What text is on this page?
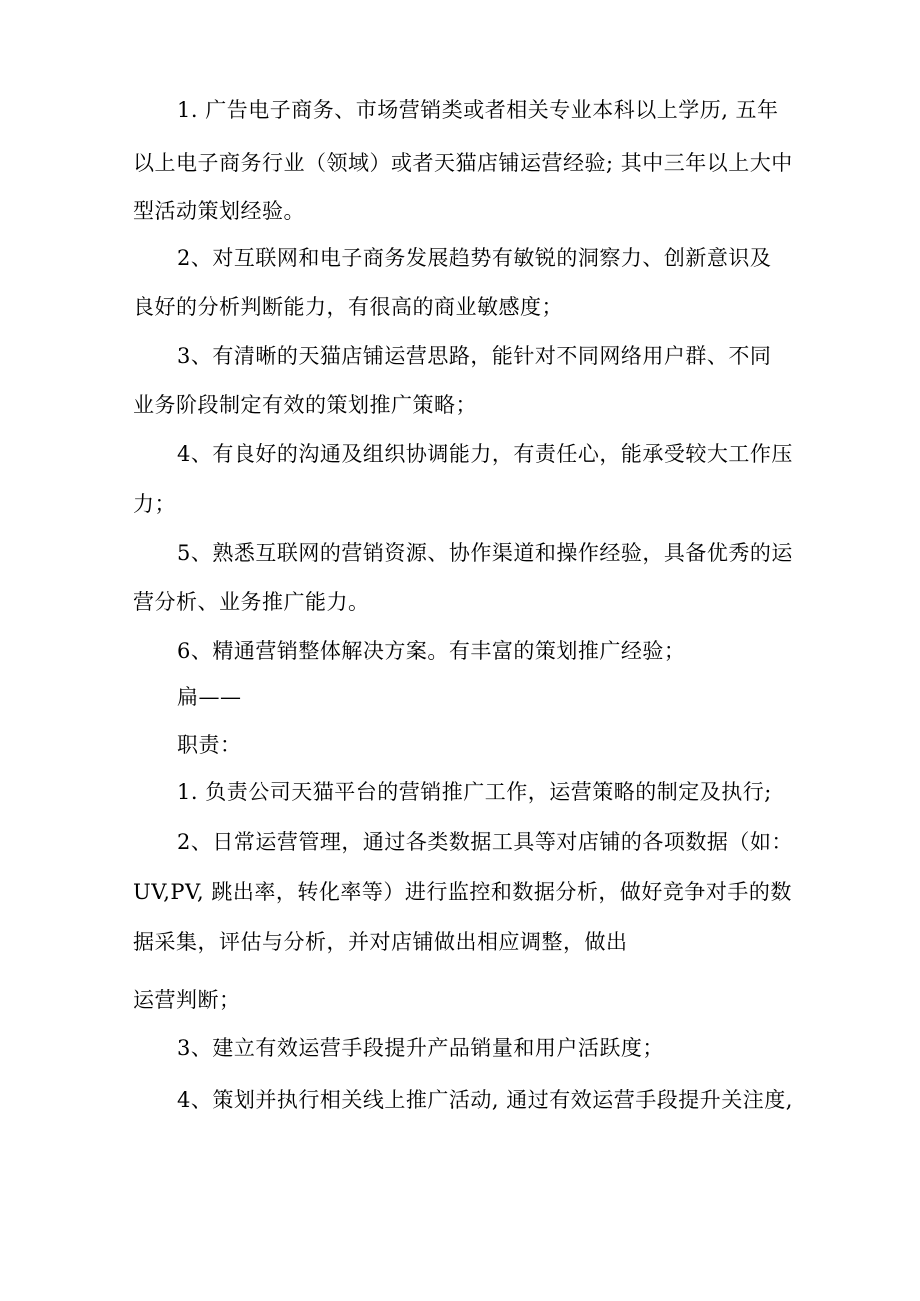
1. 广告电子商务、市场营销类或者相关专业本科以上学历, 五年
以上电子商务行业（领域）或者天猫店铺运营经验; 其中三年以上大中
型活动策划经验。
2、对互联网和电子商务发展趋势有敏锐的洞察力、创新意识及
良好的分析判断能力，有很高的商业敏感度；
3、有清晰的天猫店铺运营思路，能针对不同网络用户群、不同
业务阶段制定有效的策划推广策略；
4、有良好的沟通及组织协调能力，有责任心，能承受较大工作压
力；
5、熟悉互联网的营销资源、协作渠道和操作经验，具备优秀的运
营分析、业务推广能力。
6、精通营销整体解决方案。有丰富的策划推广经验；
扁——
职责：
1. 负责公司天猫平台的营销推广工作，运营策略的制定及执行;
2、日常运营管理，通过各类数据工具等对店铺的各项数据（如：
UV,PV, 跳出率，转化率等）进行监控和数据分析，做好竞争对手的数
据采集，评估与分析，并对店铺做出相应调整，做出
运营判断；
3、建立有效运营手段提升产品销量和用户活跃度；
4、策划并执行相关线上推广活动, 通过有效运营手段提升关注度,
